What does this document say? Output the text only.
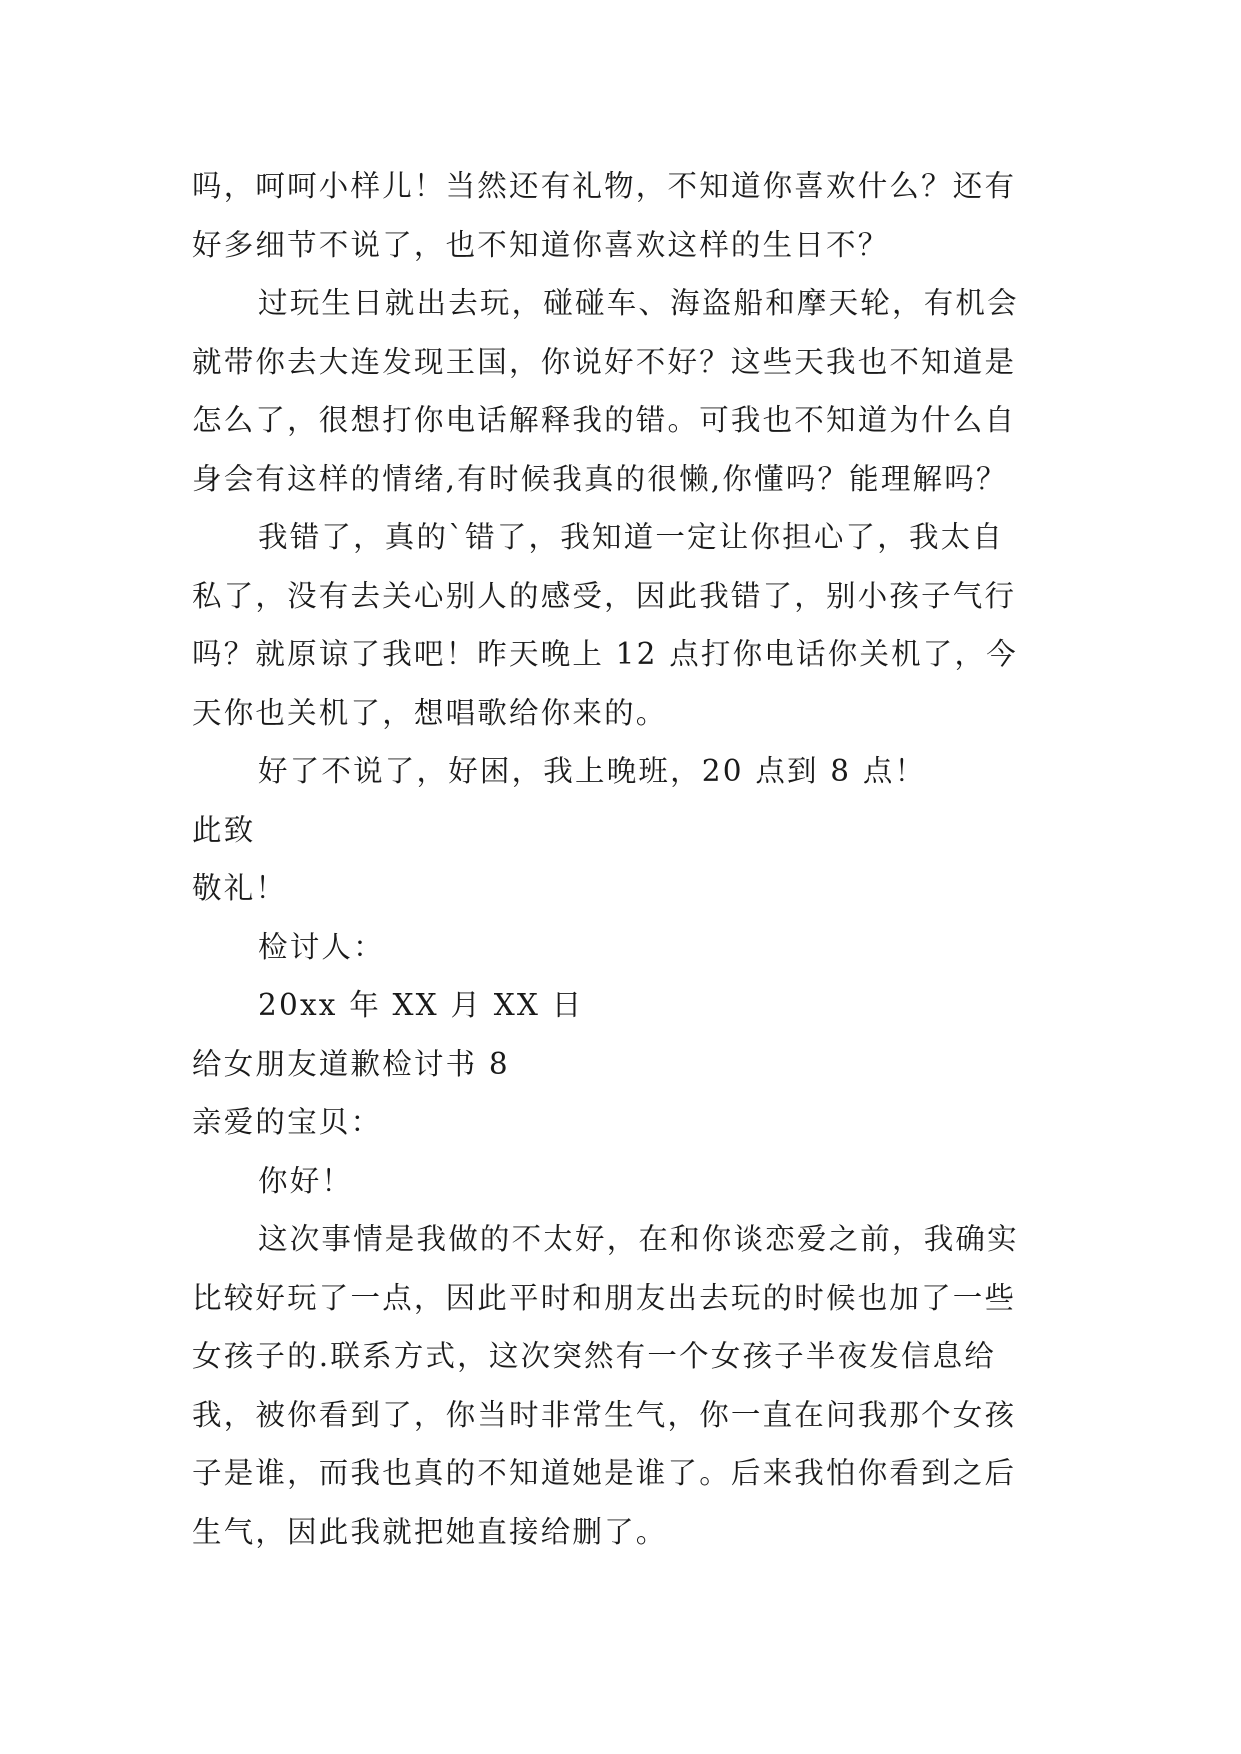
吗，呵呵小样儿！当然还有礼物，不知道你喜欢什么？还有
好多细节不说了，也不知道你喜欢这样的生日不？
过玩生日就出去玩，碰碰车、海盗船和摩天轮，有机会
就带你去大连发现王国，你说好不好？这些天我也不知道是
怎么了，很想打你电话解释我的错。可我也不知道为什么自
身会有这样的情绪,有时候我真的很懒,你懂吗？能理解吗？
我错了，真的`错了，我知道一定让你担心了，我太自
私了，没有去关心别人的感受，因此我错了，别小孩子气行
吗？就原谅了我吧！昨天晚上 12 点打你电话你关机了，今
天你也关机了，想唱歌给你来的。
好了不说了，好困，我上晚班，20 点到 8 点！
此致
敬礼！
检讨人：
20xx 年 XX 月 XX 日
给女朋友道歉检讨书 8
亲爱的宝贝：
你好！
这次事情是我做的不太好，在和你谈恋爱之前，我确实
比较好玩了一点，因此平时和朋友出去玩的时候也加了一些
女孩子的.联系方式，这次突然有一个女孩子半夜发信息给
我，被你看到了，你当时非常生气，你一直在问我那个女孩
子是谁，而我也真的不知道她是谁了。后来我怕你看到之后
生气，因此我就把她直接给删了。
